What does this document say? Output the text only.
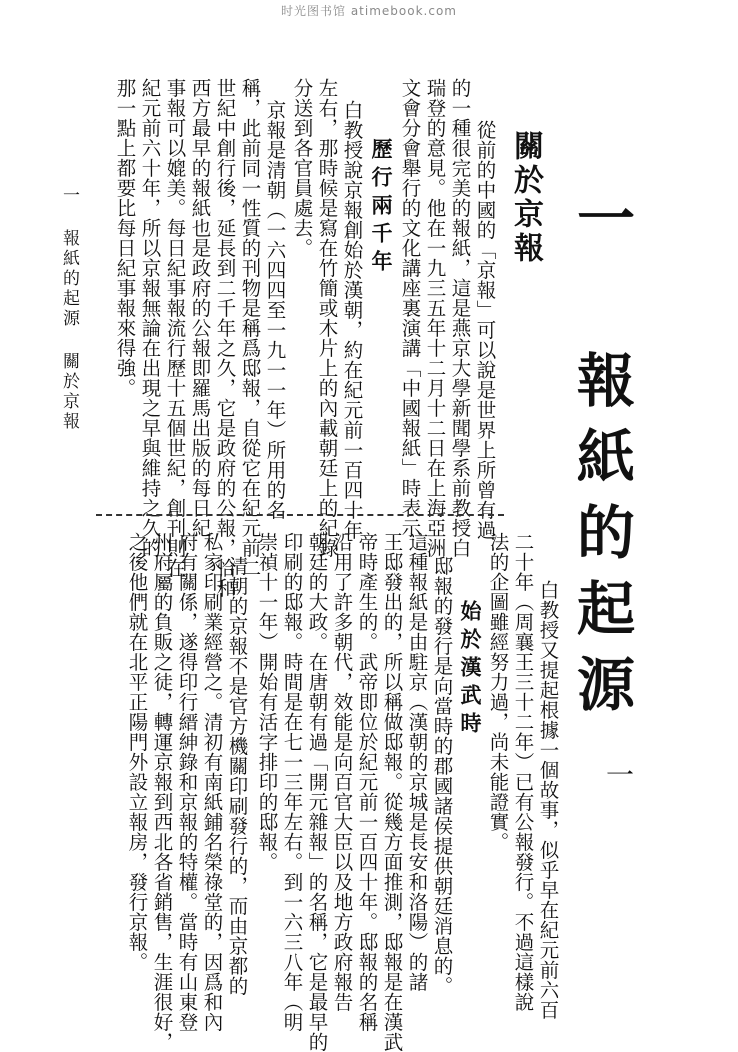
时光图书馆 atimebook.com
一 報紙的起源
關於京報
從前的中國的「京報」可以說是世界上所曾有過
的一種很完美的報紙，這是燕京大學新聞學系前教授白
瑞登的意見。他在一九三五年十二月十二日在上海亞洲
文會分會舉行的文化講座裏演講「中國報紙」時表示
歷行兩千年
白教授說京報創始於漢朝，約在紀元前一百四十年
左右，那時候是寫在竹簡或木片上的內載朝廷上的紀錄
分送到各官員處去。
京報是清朝（一六四四至一九一一年）所用的名
稱，此前同一性質的刊物是稱爲邸報，自從它在紀元前二
世紀中創行後，延長到二千年之久，它是政府的公報，恰和
西方最早的報紙也是政府的公報即羅馬出版的每日紀
事報可以媲美。每日紀事報流行歷十五個世紀，創刊則在
紀元前六十年，所以京報無論在出現之早與維持之久的
那一點上都要比每日紀事報來得強。
白教授又提起根據一個故事，似乎早在紀元前六百
二十年（周襄王三十二年）已有公報發行。不過這樣說
法的企圖雖經努力過，尚未能證實。
始於漢武時
邸報的發行是向當時的郡國諸侯提供朝廷消息的。
這種報紙是由駐京（漢朝的京城是長安和洛陽）的諸
王邸發出的，所以稱做邸報。從幾方面推測，邸報是在漢武
帝時產生的。武帝即位於紀元前一百四十年。邸報的名稱
沿用了許多朝代，效能是向百官大臣以及地方政府報告
朝廷的大政。在唐朝有過「開元雜報」的名稱，它是最早的
印刷的邸報。時間是在七一三年左右。到一六三八年（明
崇禎十一年）開始有活字排印的邸報。
清朝的京報不是官方機關印刷發行的，而由京都的
私家印刷業經營之。清初有南紙鋪名榮祿堂的，因爲和內
府有關係，遂得印行縉紳錄和京報的特權。當時有山東登
州府屬的負販之徒，轉運京報到西北各省銷售，生涯很好，
之後他們就在北平正陽門外設立報房，發行京報。
一 報紙的起源 關於京報
一
